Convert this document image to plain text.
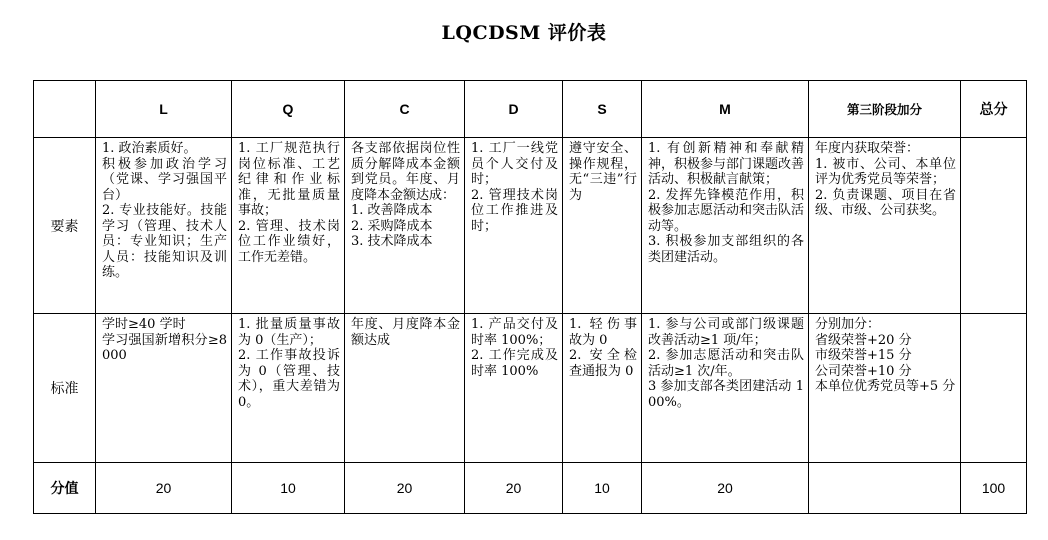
LQCDSM 评价表
	L	Q	C	D	S	M	第三阶段加分	总分
要素	1. 政治素质好。
积极参加政治学习（党课、学习强国平台）
2. 专业技能好。技能学习（管理、技术人员：专业知识；生产人员：技能知识及训练。	1. 工厂规范执行岗位标准、工艺纪律和作业标准，无批量质量事故；
2. 管理、技术岗位工作业绩好，工作无差错。	各支部依据岗位性质分解降成本金额到党员。年度、月度降本金额达成：
1. 改善降成本
2. 采购降成本
3. 技术降成本	1. 工厂一线党员个人交付及时；
2. 管理技术岗位工作推进及时；	遵守安全、操作规程，无“三违”行为	1. 有创新精神和奉献精神，积极参与部门课题改善活动、积极献言献策；
2. 发挥先锋模范作用，积极参加志愿活动和突击队活动等。
3. 积极参加支部组织的各类团建活动。	年度内获取荣誉：
1. 被市、公司、本单位评为优秀党员等荣誉；
2. 负责课题、项目在省级、市级、公司获奖。	
标准	学时≥40 学时
学习强国新增积分≥8000	1. 批量质量事故为 0（生产）；
2. 工作事故投诉为 0（管理、技术），重大差错为 0。	年度、月度降本金额达成	1. 产品交付及时率 100%；
2. 工作完成及时率 100%	1. 轻伤事故为 0
2. 安全检查通报为 0	1. 参与公司或部门级课题改善活动≥1 项/年；
2. 参加志愿活动和突击队活动≥1 次/年。
3 参加支部各类团建活动 100%。	分别加分：
省级荣誉+20 分
市级荣誉+15 分
公司荣誉+10 分
本单位优秀党员等+5 分	
分值	20	10	20	20	10	20		100
